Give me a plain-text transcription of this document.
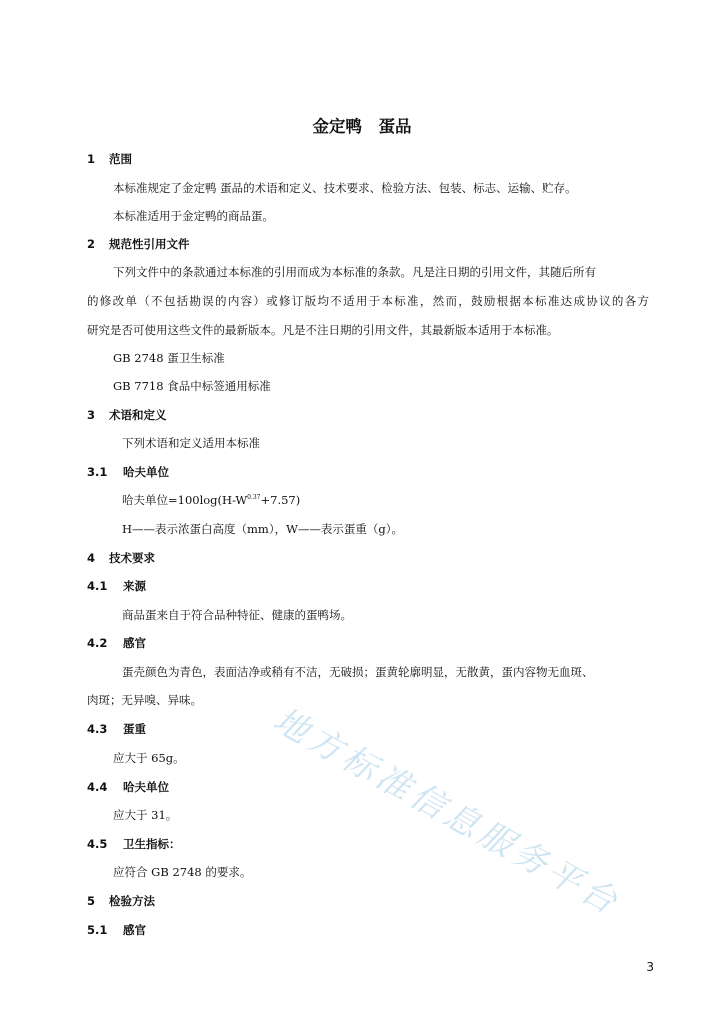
金定鸭　蛋品
1 范围
本标准规定了金定鸭 蛋品的术语和定义、技术要求、检验方法、包装、标志、运输、贮存。
本标准适用于金定鸭的商品蛋。
2 规范性引用文件
下列文件中的条款通过本标准的引用而成为本标准的条款。凡是注日期的引用文件，其随后所有
的修改单（不包括勘误的内容）或修订版均不适用于本标准，然而，鼓励根据本标准达成协议的各方
研究是否可使用这些文件的最新版本。凡是不注日期的引用文件，其最新版本适用于本标准。
GB 2748 蛋卫生标准
GB 7718 食品中标签通用标准
3 术语和定义
下列术语和定义适用本标准
3.1 哈夫单位
哈夫单位$=100\log(H-W^{0.37}+7.57)$
H——表示浓蛋白高度（mm），W——表示蛋重（g）。
4 技术要求
4.1 来源
商品蛋来自于符合品种特征、健康的蛋鸭场。
4.2 感官
蛋壳颜色为青色，表面洁净或稍有不洁，无破损；蛋黄轮廓明显，无散黄，蛋内容物无血斑、
肉斑；无异嗅、异味。
4.3 蛋重
应大于 65g。
4.4 哈夫单位
应大于 31。
4.5 卫生指标：
应符合 GB 2748 的要求。
5 检验方法
5.1 感官
地方标准信息服务平台
3
